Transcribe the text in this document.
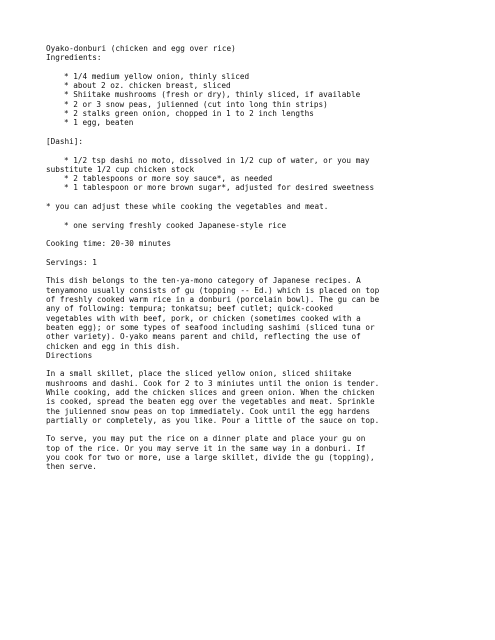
Oyako-donburi (chicken and egg over rice)
Ingredients:
* 1/4 medium yellow onion, thinly sliced
* about 2 oz. chicken breast, sliced
* Shiitake mushrooms (fresh or dry), thinly sliced, if available
* 2 or 3 snow peas, julienned (cut into long thin strips)
* 2 stalks green onion, chopped in 1 to 2 inch lengths
* 1 egg, beaten
[Dashi]:
* 1/2 tsp dashi no moto, dissolved in 1/2 cup of water, or you may
substitute 1/2 cup chicken stock
* 2 tablespoons or more soy sauce*, as needed
* 1 tablespoon or more brown sugar*, adjusted for desired sweetness
* you can adjust these while cooking the vegetables and meat.
* one serving freshly cooked Japanese-style rice
Cooking time: 20-30 minutes
Servings: 1
This dish belongs to the ten-ya-mono category of Japanese recipes. A
tenyamono usually consists of gu (topping -- Ed.) which is placed on top
of freshly cooked warm rice in a donburi (porcelain bowl). The gu can be
any of following: tempura; tonkatsu; beef cutlet; quick-cooked
vegetables with with beef, pork, or chicken (sometimes cooked with a
beaten egg); or some types of seafood including sashimi (sliced tuna or
other variety). O-yako means parent and child, reflecting the use of
chicken and egg in this dish.
Directions
In a small skillet, place the sliced yellow onion, sliced shiitake
mushrooms and dashi. Cook for 2 to 3 miniutes until the onion is tender.
While cooking, add the chicken slices and green onion. When the chicken
is cooked, spread the beaten egg over the vegetables and meat. Sprinkle
the julienned snow peas on top immediately. Cook until the egg hardens
partially or completely, as you like. Pour a little of the sauce on top.
To serve, you may put the rice on a dinner plate and place your gu on
top of the rice. Or you may serve it in the same way in a donburi. If
you cook for two or more, use a large skillet, divide the gu (topping),
then serve.
